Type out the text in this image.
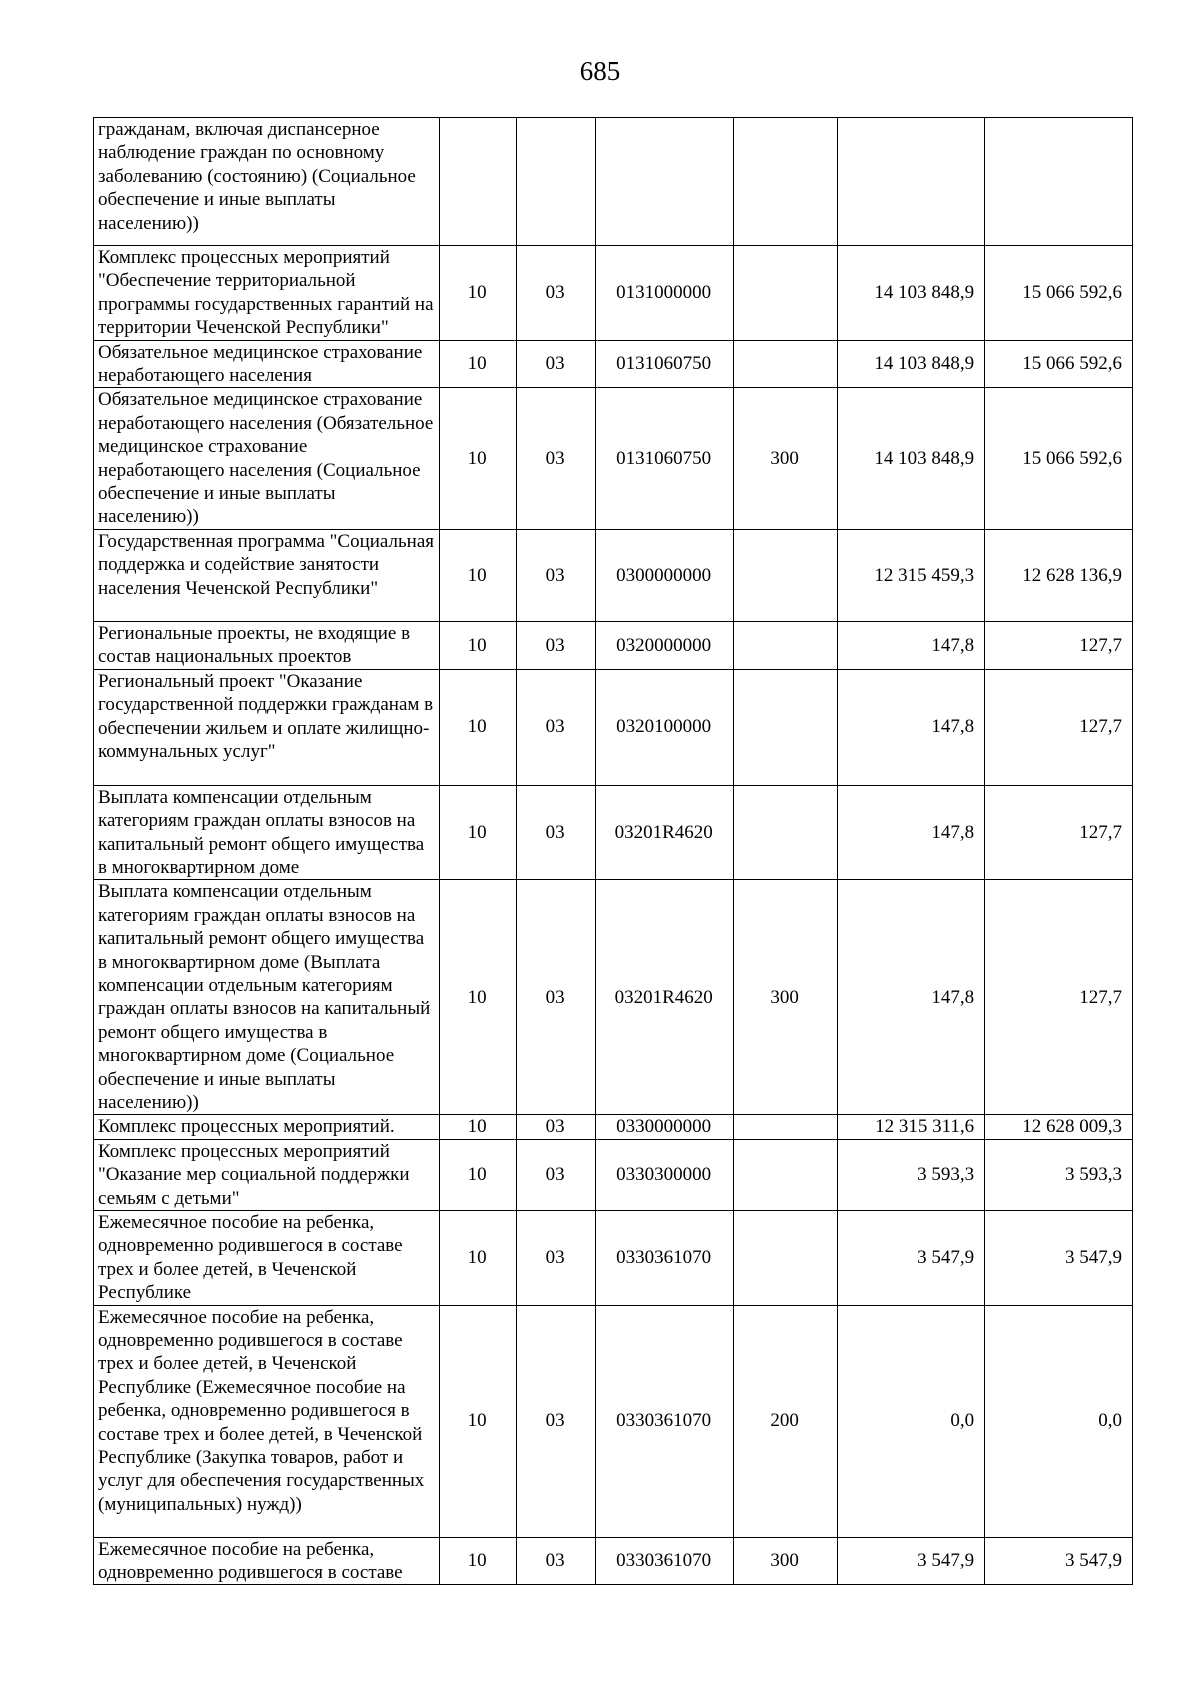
685
гражданам, включая диспансерное наблюдение граждан по основному заболеванию (состоянию) (Социальное обеспечение и иные выплаты населению))						
Комплекс процессных мероприятий "Обеспечение территориальной программы государственных гарантий на территории Чеченской Республики"	10	03	0131000000		14 103 848,9	15 066 592,6
Обязательное медицинское страхование неработающего населения	10	03	0131060750		14 103 848,9	15 066 592,6
Обязательное медицинское страхование неработающего населения (Обязательное медицинское страхование неработающего населения (Социальное обеспечение и иные выплаты населению))	10	03	0131060750	300	14 103 848,9	15 066 592,6
Государственная программа "Социальная поддержка и содействие занятости населения Чеченской Республики"	10	03	0300000000		12 315 459,3	12 628 136,9
Региональные проекты, не входящие в состав национальных проектов	10	03	0320000000		147,8	127,7
Региональный проект "Оказание государственной поддержки гражданам в обеспечении жильем и оплате жилищно-коммунальных услуг"	10	03	0320100000		147,8	127,7
Выплата компенсации отдельным категориям граждан оплаты взносов на капитальный ремонт общего имущества в многоквартирном доме	10	03	03201R4620		147,8	127,7
Выплата компенсации отдельным категориям граждан оплаты взносов на капитальный ремонт общего имущества в многоквартирном доме (Выплата компенсации отдельным категориям граждан оплаты взносов на капитальный ремонт общего имущества в многоквартирном доме (Социальное обеспечение и иные выплаты населению))	10	03	03201R4620	300	147,8	127,7
Комплекс процессных мероприятий.	10	03	0330000000		12 315 311,6	12 628 009,3
Комплекс процессных мероприятий "Оказание мер социальной поддержки семьям с детьми"	10	03	0330300000		3 593,3	3 593,3
Ежемесячное пособие на ребенка, одновременно родившегося в составе трех и более детей, в Чеченской Республике	10	03	0330361070		3 547,9	3 547,9
Ежемесячное пособие на ребенка, одновременно родившегося в составе трех и более детей, в Чеченской Республике (Ежемесячное пособие на ребенка, одновременно родившегося в составе трех и более детей, в Чеченской Республике (Закупка товаров, работ и услуг для обеспечения государственных (муниципальных) нужд))	10	03	0330361070	200	0,0	0,0
Ежемесячное пособие на ребенка, одновременно родившегося в составе	10	03	0330361070	300	3 547,9	3 547,9
